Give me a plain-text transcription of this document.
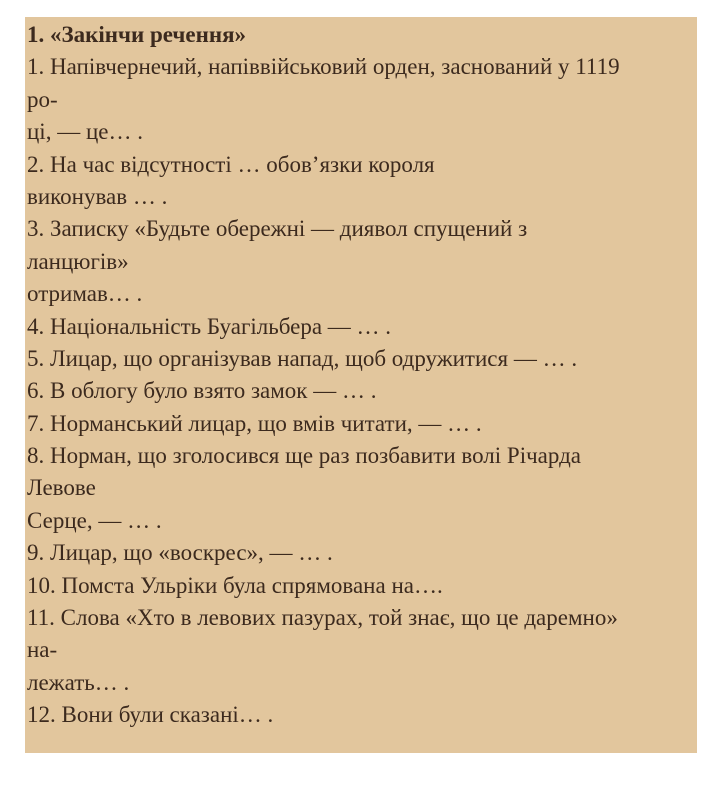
1. «Закінчи речення»
1. Напівчернечий, напіввійськовий орден, заснований у 1119
ро-
ці, — це… .
2. На час відсутності … обов’язки короля
виконував … .
3. Записку «Будьте обережні — диявол спущений з
ланцюгів»
отримав… .
4. Національність Буагільбера — … .
5. Лицар, що організував напад, щоб одружитися — … .
6. В облогу було взято замок — … .
7. Норманський лицар, що вмів читати, — … .
8. Норман, що зголосився ще раз позбавити волі Річарда
Левове
Серце, — … .
9. Лицар, що «воскрес», — … .
10. Помста Ульріки була спрямована на….
11. Слова «Хто в левових пазурах, той знає, що це даремно»
на-
лежать… .
12. Вони були сказані… .
